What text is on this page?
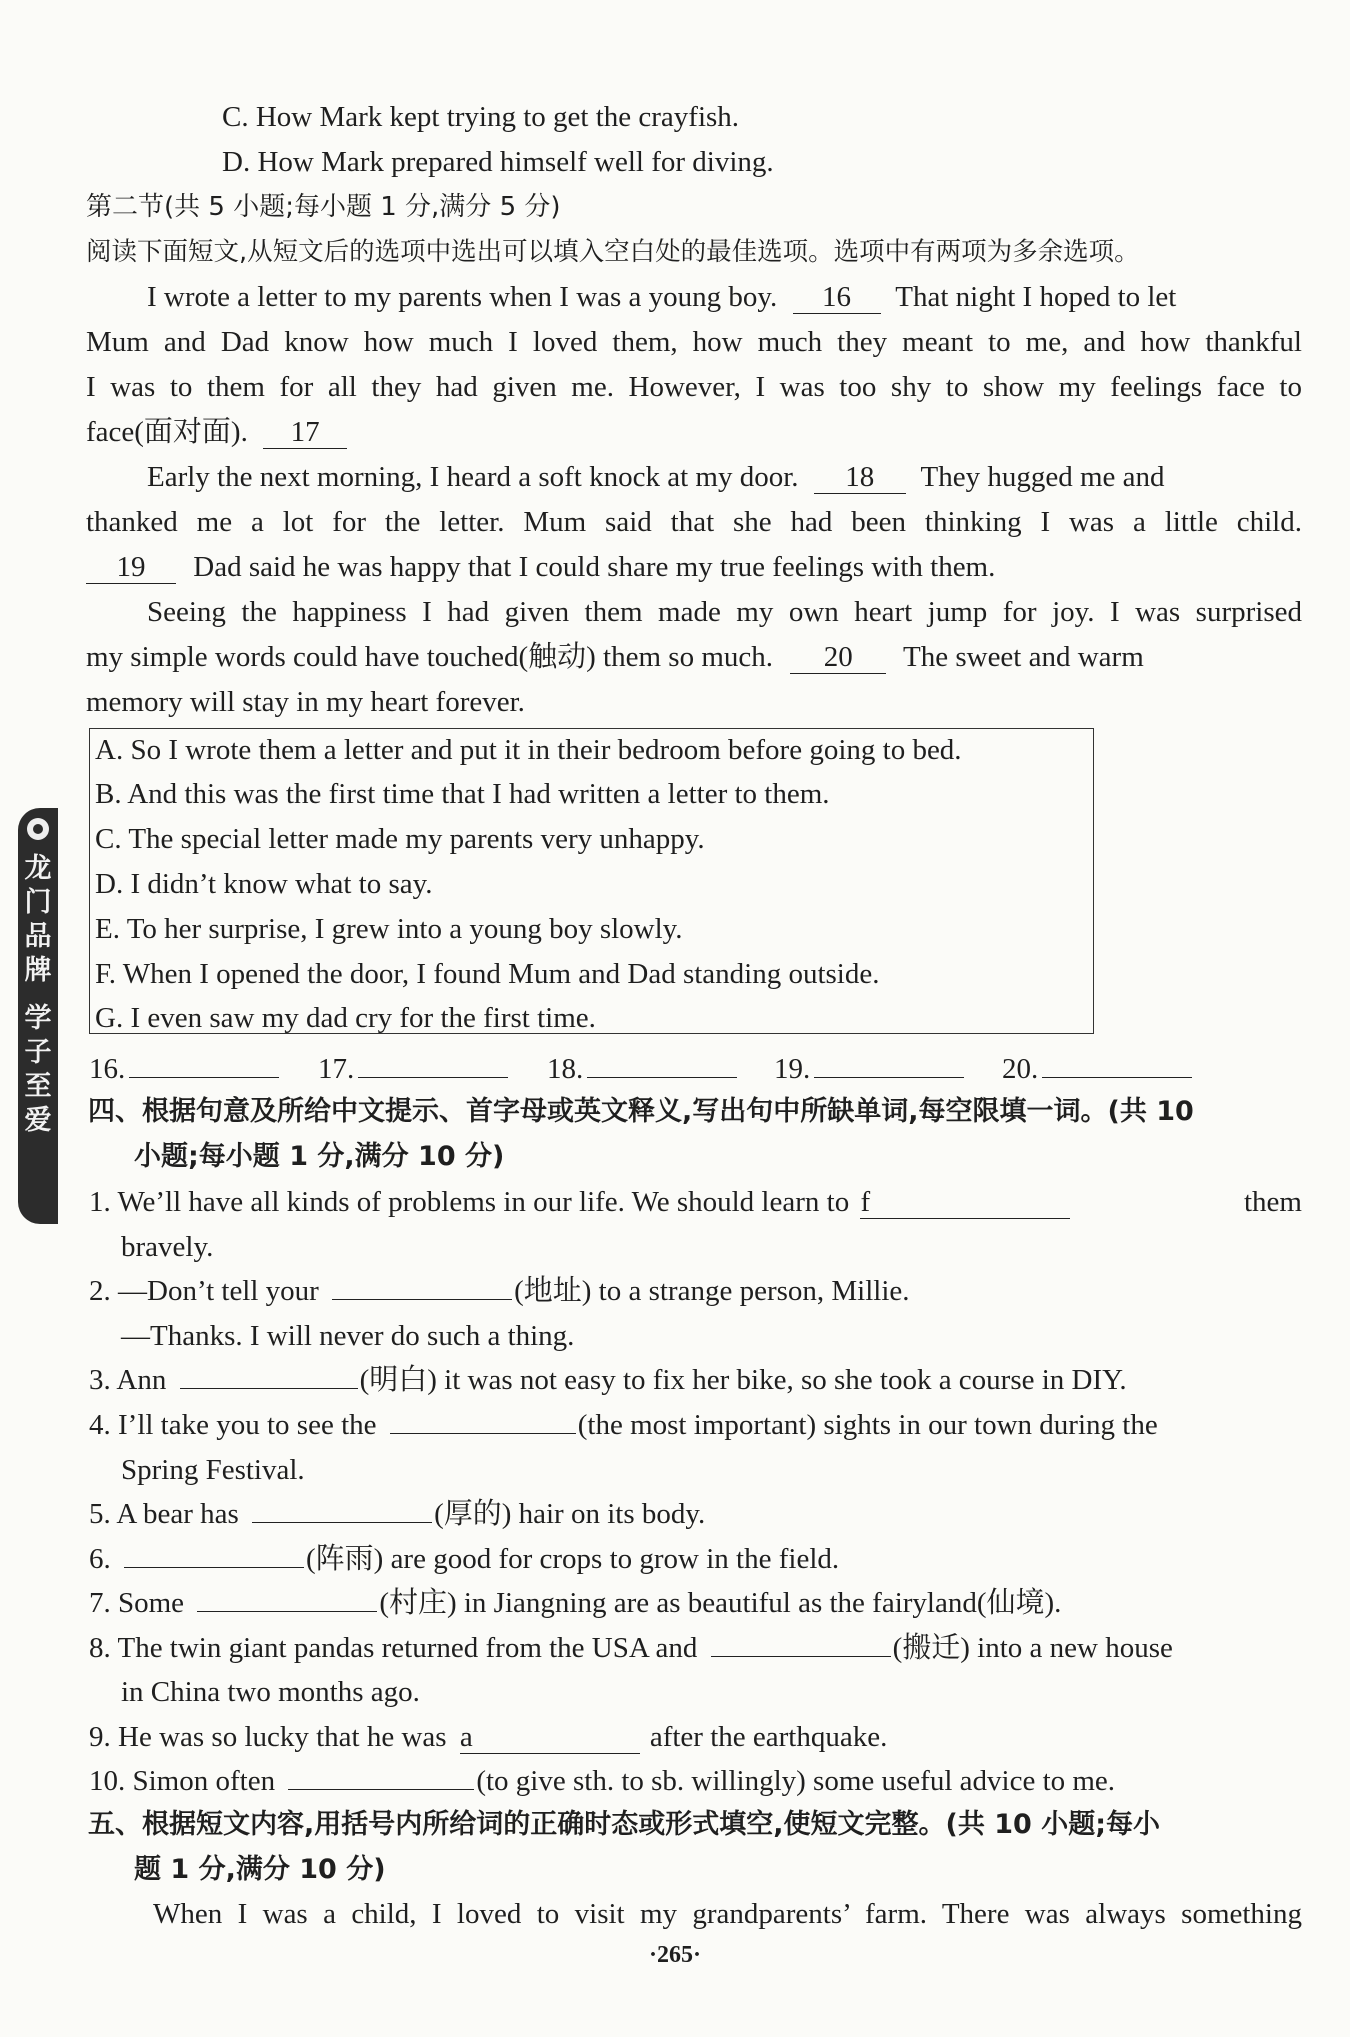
C. How Mark kept trying to get the crayfish.
D. How Mark prepared himself well for diving.
第二节(共 5 小题;每小题 1 分,满分 5 分)
阅读下面短文,从短文后的选项中选出可以填入空白处的最佳选项。选项中有两项为多余选项。
I wrote a letter to my parents when I was a young boy. 16 That night I hoped to let
Mum and Dad know how much I loved them, how much they meant to me, and how thankful
I was to them for all they had given me. However, I was too shy to show my feelings face to
face(面对面). 17
Early the next morning, I heard a soft knock at my door. 18 They hugged me and
thanked me a lot for the letter. Mum said that she had been thinking I was a little child.
19 Dad said he was happy that I could share my true feelings with them.
Seeing the happiness I had given them made my own heart jump for joy. I was surprised
my simple words could have touched(触动) them so much. 20 The sweet and warm
memory will stay in my heart forever.
A. So I wrote them a letter and put it in their bedroom before going to bed.
B. And this was the first time that I had written a letter to them.
C. The special letter made my parents very unhappy.
D. I didn’t know what to say.
E. To her surprise, I grew into a young boy slowly.
F. When I opened the door, I found Mum and Dad standing outside.
G. I even saw my dad cry for the first time.
16.	17.	18.	19.	20.
四、根据句意及所给中文提示、首字母或英文释义,写出句中所缺单词,每空限填一词。(共 10
小题;每小题 1 分,满分 10 分)
1. We’ll have all kinds of problems in our life. We should learn to f	them
bravely.
2. —Don’t tell your	(地址) to a strange person, Millie.
—Thanks. I will never do such a thing.
3. Ann	(明白) it was not easy to fix her bike, so she took a course in DIY.
4. I’ll take you to see the	(the most important) sights in our town during the
Spring Festival.
5. A bear has	(厚的) hair on its body.
6.	(阵雨) are good for crops to grow in the field.
7. Some	(村庄) in Jiangning are as beautiful as the fairyland(仙境).
8. The twin giant pandas returned from the USA and	(搬迁) into a new house
in China two months ago.
9. He was so lucky that he was a	after the earthquake.
10. Simon often	(to give sth. to sb. willingly) some useful advice to me.
五、根据短文内容,用括号内所给词的正确时态或形式填空,使短文完整。(共 10 小题;每小
题 1 分,满分 10 分)
When I was a child, I loved to visit my grandparents’ farm. There was always something
·265·
龙门品牌
学子至爱
